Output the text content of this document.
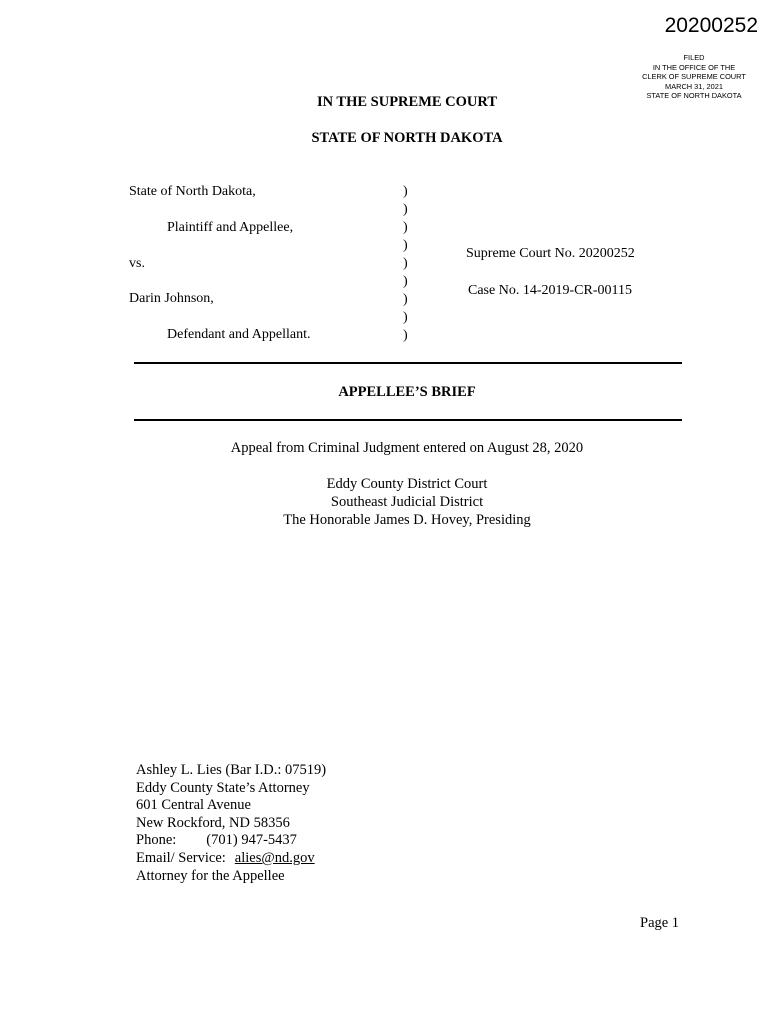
20200252
FILED
IN THE OFFICE OF THE
CLERK OF SUPREME COURT
MARCH 31, 2021
STATE OF NORTH DAKOTA
IN THE SUPREME COURT
STATE OF NORTH DAKOTA
State of North Dakota,
Plaintiff and Appellee,
vs.
Darin Johnson,
Defendant and Appellant.
)
)
)
)
)
)
)
)
)
Supreme Court No. 20200252
Case No. 14-2019-CR-00115
APPELLEE’S BRIEF
Appeal from Criminal Judgment entered on August 28, 2020
Eddy County District Court
Southeast Judicial District
The Honorable James D. Hovey, Presiding
Ashley L. Lies (Bar I.D.: 07519)
Eddy County State’s Attorney
601 Central Avenue
New Rockford, ND 58356
Phone: (701) 947-5437
Email/ Service: alies@nd.gov
Attorney for the Appellee
Page 1
